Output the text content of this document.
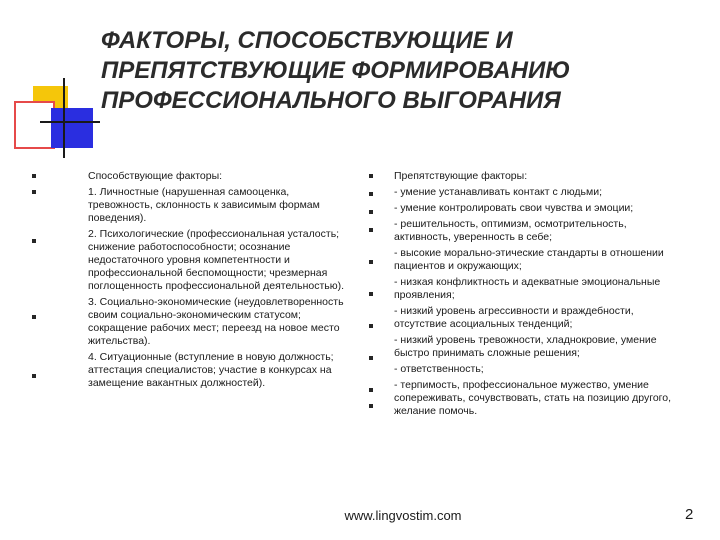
ФАКТОРЫ, СПОСОБСТВУЮЩИЕ И
ПРЕПЯТСТВУЮЩИЕ ФОРМИРОВАНИЮ
ПРОФЕССИОНАЛЬНОГО ВЫГОРАНИЯ
Способствующие факторы:
1. Личностные (нарушенная самооценка, тревожность, склонность к зависимым формам поведения).
2. Психологические (профессиональная усталость; снижение работоспособности; осознание недостаточного уровня компетентности и профессиональной беспомощности; чрезмерная поглощенность профессиональной деятельностью).
3. Социально-экономические (неудовлетворенность своим социально-экономическим статусом; сокращение рабочих мест; переезд на новое место жительства).
4. Ситуационные (вступление в новую должность; аттестация специалистов; участие в конкурсах на замещение вакантных должностей).
Препятствующие факторы:
- умение устанавливать контакт с людьми;
- умение контролировать свои чувства и эмоции;
- решительность, оптимизм, осмотрительность, активность, уверенность в себе;
- высокие морально-этические стандарты в отношении пациентов и окружающих;
- низкая конфликтность и адекватные эмоциональные проявления;
- низкий уровень агрессивности и враждебности, отсутствие асоциальных тенденций;
- низкий уровень тревожности, хладнокровие, умение быстро принимать сложные решения;
- ответственность;
- терпимость, профессиональное мужество, умение сопереживать, сочувствовать, стать на позицию другого, желание помочь.
www.lingvostim.com	2
